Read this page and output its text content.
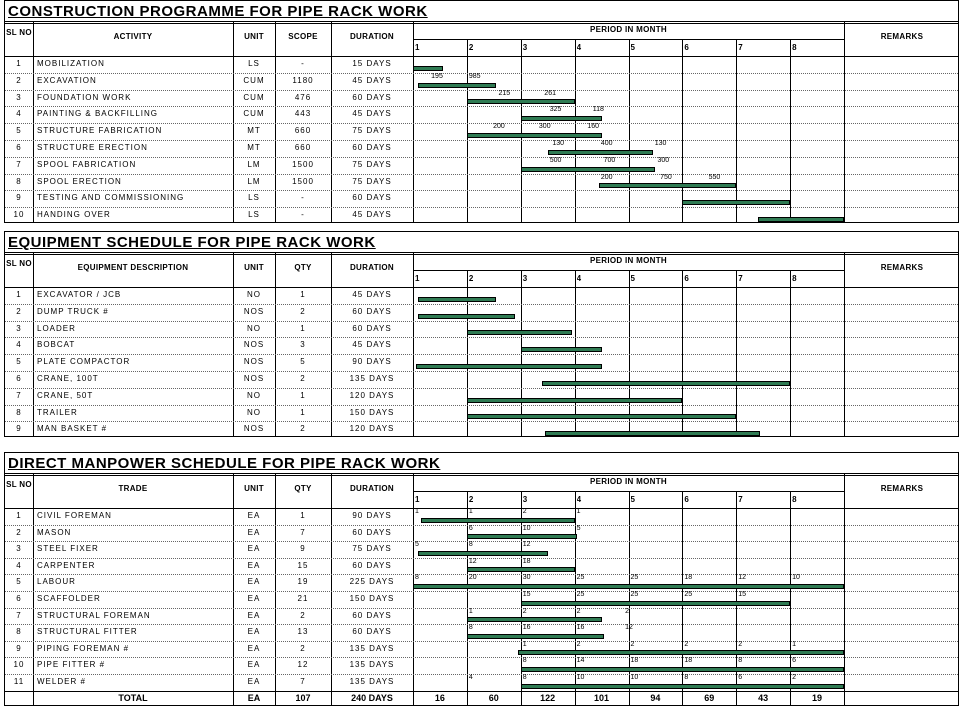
CONSTRUCTION PROGRAMME FOR PIPE RACK WORK
SL NO	ACTIVITY	UNIT	SCOPE	DURATION	REMARKS
PERIOD IN MONTH
1	2	3	4	5	6	7	8
1	MOBILIZATION	LS	-	15 DAYS
2	EXCAVATION	CUM	1180	45 DAYS	195	985
3	FOUNDATION WORK	CUM	476	60 DAYS	215	261
4	PAINTING & BACKFILLING	CUM	443	45 DAYS	325	118
5	STRUCTURE FABRICATION	MT	660	75 DAYS	200	300	160
6	STRUCTURE ERECTION	MT	660	60 DAYS	130	400	130
7	SPOOL FABRICATION	LM	1500	75 DAYS	500	700	300
8	SPOOL ERECTION	LM	1500	75 DAYS	200	750	550
9	TESTING AND COMMISSIONING	LS	-	60 DAYS
10	HANDING OVER	LS	-	45 DAYS
EQUIPMENT SCHEDULE FOR PIPE RACK WORK
SL NO	EQUIPMENT DESCRIPTION	UNIT	QTY	DURATION	REMARKS
PERIOD IN MONTH
1	2	3	4	5	6	7	8
1	EXCAVATOR / JCB	NO	1	45 DAYS
2	DUMP TRUCK #	NOS	2	60 DAYS
3	LOADER	NO	1	60 DAYS
4	BOBCAT	NOS	3	45 DAYS
5	PLATE COMPACTOR	NOS	5	90 DAYS
6	CRANE, 100T	NOS	2	135 DAYS
7	CRANE, 50T	NO	1	120 DAYS
8	TRAILER	NO	1	150 DAYS
9	MAN BASKET #	NOS	2	120 DAYS
DIRECT MANPOWER SCHEDULE FOR PIPE RACK WORK
SL NO	TRADE	UNIT	QTY	DURATION	REMARKS
PERIOD IN MONTH
1	2	3	4	5	6	7	8
1	CIVIL FOREMAN	EA	1	90 DAYS	1	1	2	1
2	MASON	EA	7	60 DAYS	6	10	5
3	STEEL FIXER	EA	9	75 DAYS	5	8	12
4	CARPENTER	EA	15	60 DAYS	12	18
5	LABOUR	EA	19	225 DAYS	8	20	30	25	25	18	12	10
6	SCAFFOLDER	EA	21	150 DAYS	15	25	25	25	15
7	STRUCTURAL FOREMAN	EA	2	60 DAYS	1	2	2	2
8	STRUCTURAL FITTER	EA	13	60 DAYS	8	16	16	12
9	PIPING FOREMAN #	EA	2	135 DAYS	1	2	2	2	2	1
10	PIPE FITTER #	EA	12	135 DAYS	8	14	18	18	8	6
11	WELDER #	EA	7	135 DAYS	4	8	10	10	8	6	2
TOTAL	EA	107	240 DAYS	16	60	122	101	94	69	43	19
